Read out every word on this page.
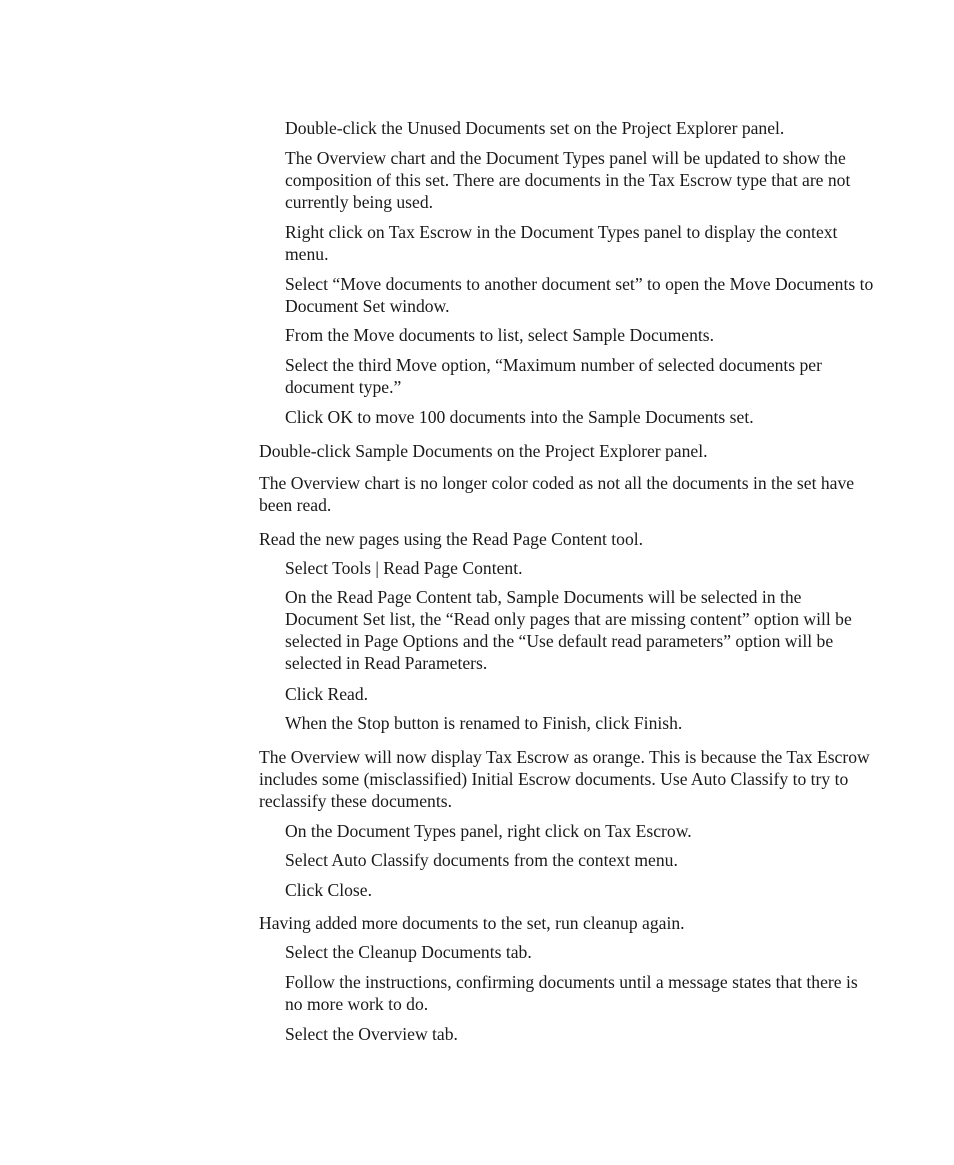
Double-click the Unused Documents set on the Project Explorer panel.

The Overview chart and the Document Types panel will be updated to show the composition of this set. There are documents in the Tax Escrow type that are not currently being used.

Right click on Tax Escrow in the Document Types panel to display the context menu.

Select “Move documents to another document set” to open the Move Documents to Document Set window.

From the Move documents to list, select Sample Documents.

Select the third Move option, “Maximum number of selected documents per document type.”

Click OK to move 100 documents into the Sample Documents set.

Double-click Sample Documents on the Project Explorer panel.

The Overview chart is no longer color coded as not all the documents in the set have been read.

Read the new pages using the Read Page Content tool.

Select Tools | Read Page Content.

On the Read Page Content tab, Sample Documents will be selected in the Document Set list, the “Read only pages that are missing content” option will be selected in Page Options and the “Use default read parameters” option will be selected in Read Parameters.

Click Read.

When the Stop button is renamed to Finish, click Finish.

The Overview will now display Tax Escrow as orange. This is because the Tax Escrow includes some (misclassified) Initial Escrow documents. Use Auto Classify to try to reclassify these documents.

On the Document Types panel, right click on Tax Escrow.

Select Auto Classify documents from the context menu.

Click Close.

Having added more documents to the set, run cleanup again.

Select the Cleanup Documents tab.

Follow the instructions, confirming documents until a message states that there is no more work to do.

Select the Overview tab.
